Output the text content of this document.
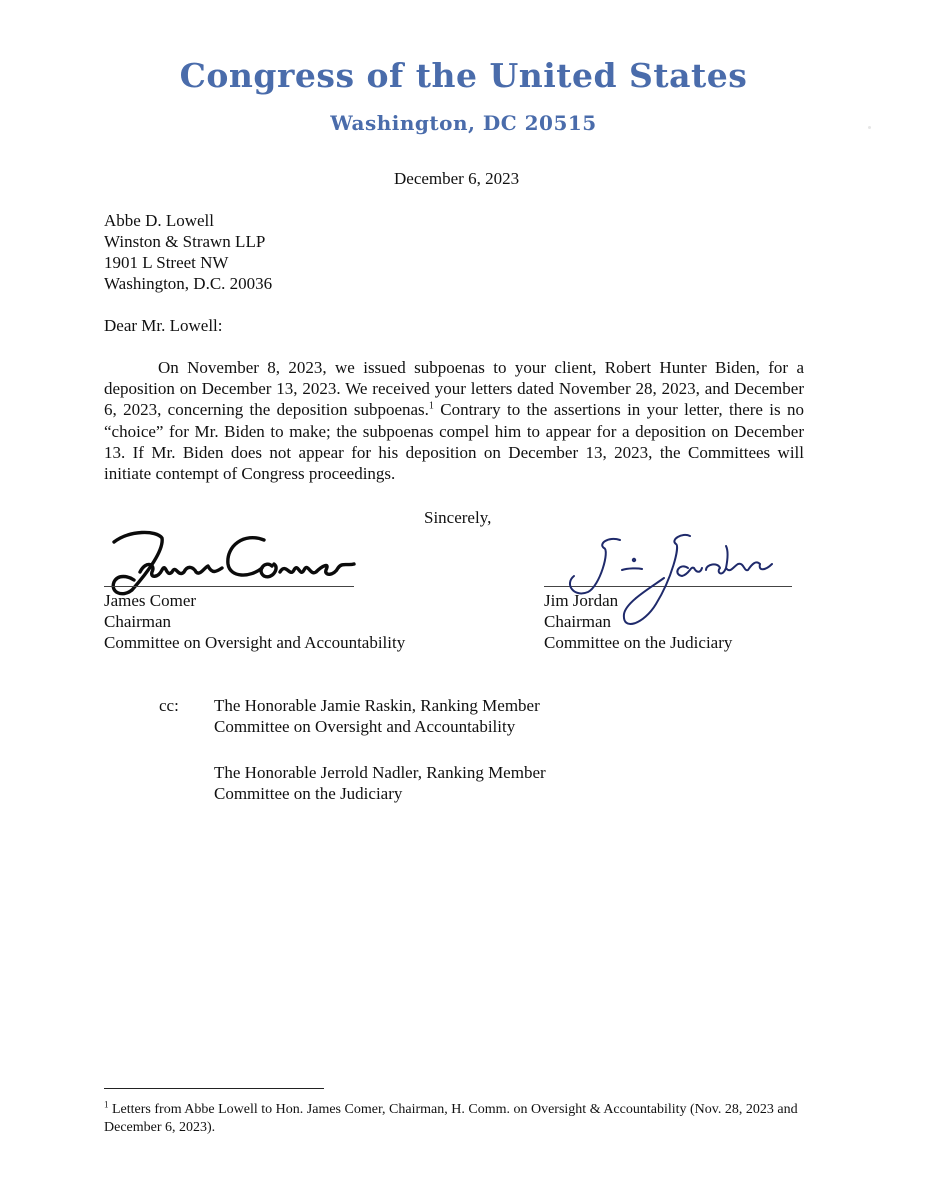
Congress of the United States
Washington, DC 20515
December 6, 2023
Abbe D. Lowell
Winston & Strawn LLP
1901 L Street NW
Washington, D.C. 20036
Dear Mr. Lowell:
On November 8, 2023, we issued subpoenas to your client, Robert Hunter Biden, for a deposition on December 13, 2023. We received your letters dated November 28, 2023, and December 6, 2023, concerning the deposition subpoenas.$^1$ Contrary to the assertions in your letter, there is no “choice” for Mr. Biden to make; the subpoenas compel him to appear for a deposition on December 13. If Mr. Biden does not appear for his deposition on December 13, 2023, the Committees will initiate contempt of Congress proceedings.
Sincerely,
James Comer
Chairman
Committee on Oversight and Accountability
Jim Jordan
Chairman
Committee on the Judiciary
cc: The Honorable Jamie Raskin, Ranking Member
Committee on Oversight and Accountability
The Honorable Jerrold Nadler, Ranking Member
Committee on the Judiciary
$^1$ Letters from Abbe Lowell to Hon. James Comer, Chairman, H. Comm. on Oversight & Accountability (Nov. 28, 2023 and December 6, 2023).
